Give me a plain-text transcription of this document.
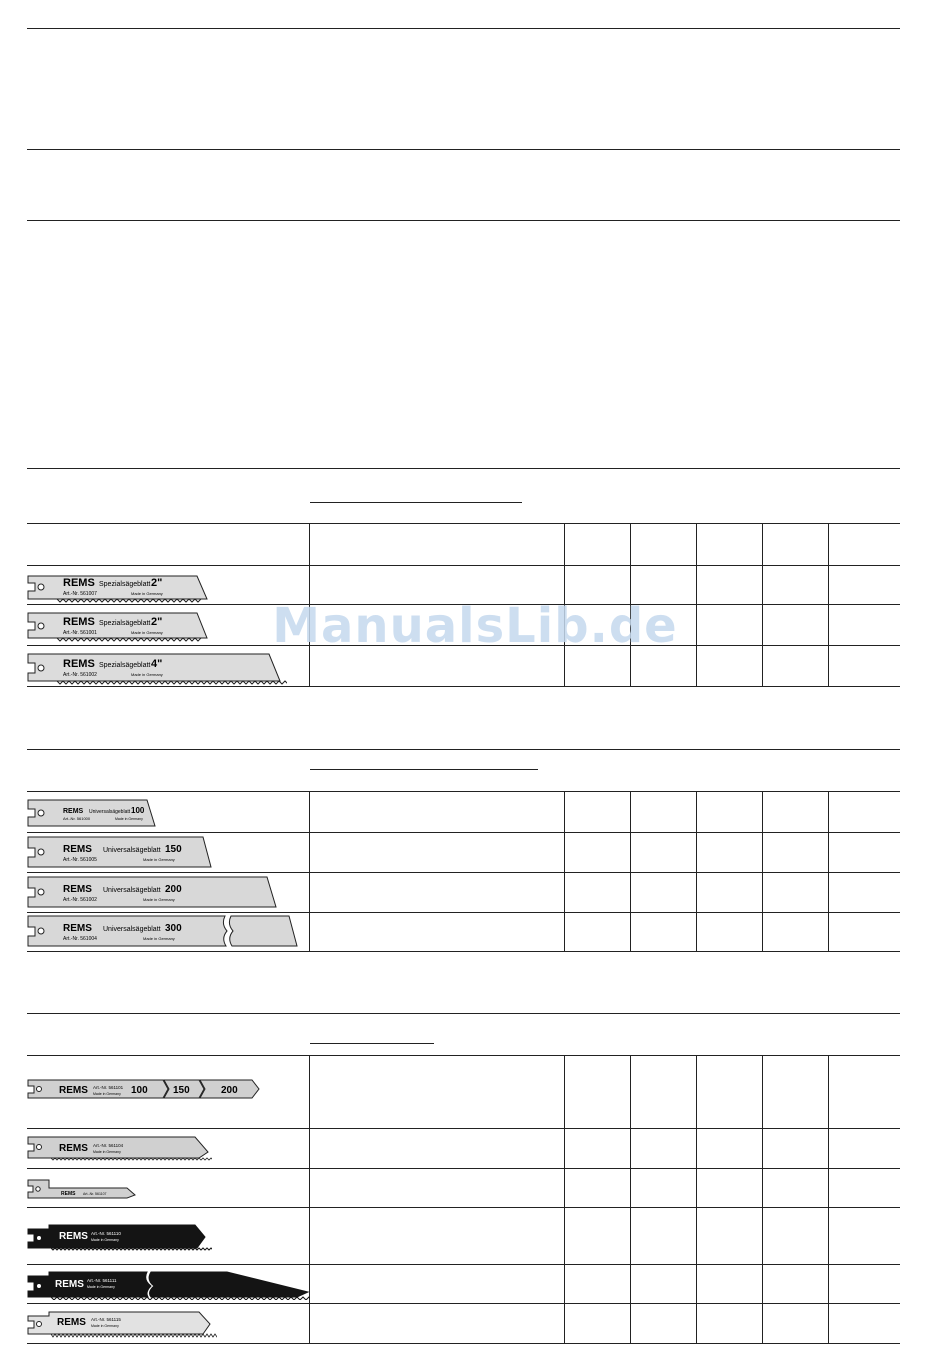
REMS Spezialsägeblatt 2"
Art.-Nr. 561007	Made in Germany
REMS Spezialsägeblatt 2"
Art.-Nr. 561001	Made in Germany
REMS Spezialsägeblatt 4"
Art.-Nr. 561002	Made in Germany
ManualsLib.de
REMS Universalsägeblatt 100
Art.-Nr. 561000	Made in Germany
REMS Universalsägeblatt 150
Art.-Nr. 561005	Made in Germany
REMS Universalsägeblatt 200
Art.-Nr. 561002	Made in Germany
REMS Universalsägeblatt 300
Art.-Nr. 561004	Made in Germany
REMS Art.-Nr. 561101
Made in Germany 100	150	200
REMS Art.-Nr. 561104
Made in Germany
REMS Art.-Nr. 561107
REMS Art.-Nr. 561110
Made in Germany
REMS Art.-Nr. 561111
Made in Germany
REMS Art.-Nr. 561115
Made in Germany
